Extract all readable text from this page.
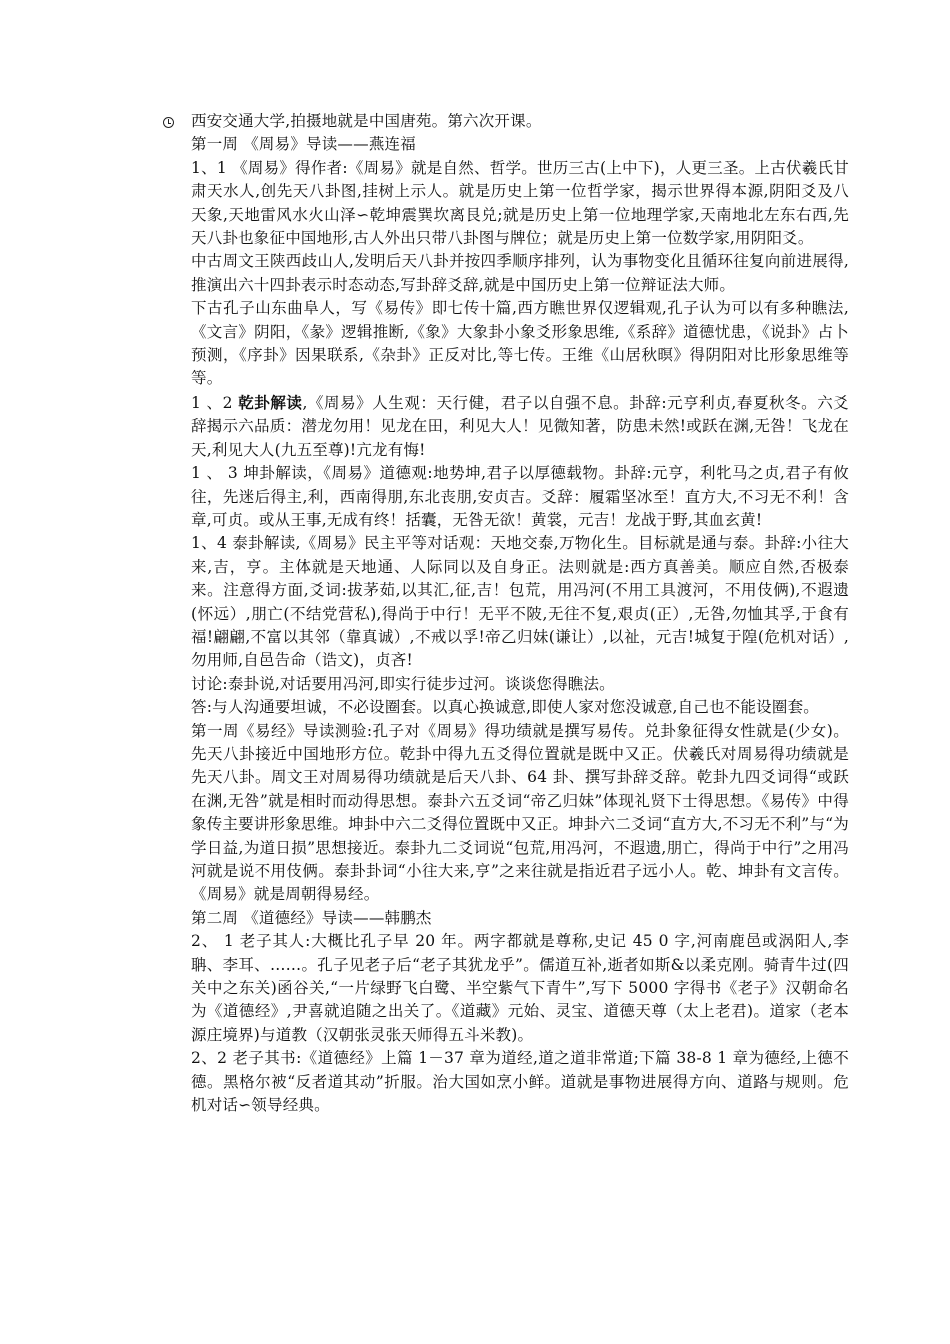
西安交通大学,拍摄地就是中国唐苑。第六次开课。

第一周 《周易》导读——燕连福

1、1 《周易》得作者:《周易》就是自然、哲学。世历三古(上中下)，人更三圣。上古伏羲氏甘肃天水人,创先天八卦图,挂树上示人。就是历史上第一位哲学家，揭示世界得本源,阴阳爻及八天象,天地雷风水火山泽∽乾坤震巽坎离艮兑;就是历史上第一位地理学家,天南地北左东右西,先天八卦也象征中国地形,古人外出只带八卦图与牌位；就是历史上第一位数学家,用阴阳爻。

中古周文王陕西歧山人,发明后天八卦并按四季顺序排列，认为事物变化且循环往复向前进展得,推演出六十四卦表示时态动态,写卦辞爻辞,就是中国历史上第一位辩证法大师。

下古孔子山东曲阜人，写《易传》即七传十篇,西方瞧世界仅逻辑观,孔子认为可以有多种瞧法,《文言》阴阳，《彖》逻辑推断,《象》大象卦小象爻形象思维,《系辞》道德忧患，《说卦》占卜预测，《序卦》因果联系,《杂卦》正反对比,等七传。王维《山居秋暝》得阴阳对比形象思维等等。

1 、2 乾卦解读,《周易》人生观：天行健，君子以自强不息。卦辞:元亨利贞,春夏秋冬。六爻辞揭示六品质：潜龙勿用！见龙在田，利见大人！见微知著，防患未然!或跃在渊,无咎！飞龙在天,利见大人(九五至尊)!亢龙有悔!

1 、 3 坤卦解读，《周易》道德观:地势坤,君子以厚德载物。卦辞:元亨，利牝马之贞,君子有攸往，先迷后得主,利，西南得朋,东北丧朋,安贞吉。爻辞：履霜坚冰至！直方大,不习无不利！含章,可贞。或从王事,无成有终！括囊，无咎无欲！黄裳，元吉！龙战于野,其血玄黄!

1、4 泰卦解读,《周易》民主平等对话观：天地交泰,万物化生。目标就是通与泰。卦辞:小往大来,吉，亨。主体就是天地通、人际同以及自身正。法则就是:西方真善美。顺应自然,否极泰来。注意得方面,爻词:拔茅茹,以其汇,征,吉！包荒，用冯河(不用工具渡河，不用伎俩),不遐遗(怀远）,朋亡(不结党营私),得尚于中行！无平不陂,无往不复,艰贞(正）,无咎,勿恤其孚,于食有福!翩翩,不富以其邻（靠真诚）,不戒以孚!帝乙归妹(谦让）,以祉，元吉!城复于隍(危机对话）,勿用师,自邑告命（诰文)，贞吝!

讨论:泰卦说,对话要用冯河,即实行徒步过河。谈谈您得瞧法。

答:与人沟通要坦诚，不必设圈套。以真心换诚意,即使人家对您没诚意,自己也不能设圈套。

第一周《易经》导读测验:孔子对《周易》得功绩就是撰写易传。兑卦象征得女性就是(少女)。先天八卦接近中国地形方位。乾卦中得九五爻得位置就是既中又正。伏羲氏对周易得功绩就是先天八卦。周文王对周易得功绩就是后天八卦、64 卦、撰写卦辞爻辞。乾卦九四爻词得“或跃 在渊,无咎”就是相时而动得思想。泰卦六五爻词“帝乙归妹”体现礼贤下士得思想。《易传》中得象传主要讲形象思维。坤卦中六二爻得位置既中又正。坤卦六二爻词“直方大,不习无不利”与“为学日益,为道日损”思想接近。泰卦九二爻词说“包荒,用冯河，不遐遗,朋亡，得尚于中行”之用冯河就是说不用伎俩。泰卦卦词“小往大来,亨”之来往就是指近君子远小人。乾、坤卦有文言传。《周易》就是周朝得易经。

第二周 《道德经》导读——韩鹏杰

2、 1 老子其人:大概比孔子早 20 年。两字都就是尊称,史记 45 0 字,河南鹿邑或涡阳人,李聃、李耳、……。孔子见老子后“老子其犹龙乎”。儒道互补,逝者如斯&以柔克刚。骑青牛过(四关中之东关)函谷关,“一片绿野飞白鹭、半空紫气下青牛”,写下 5000 字得书《老子》汉朝命名为《道德经》,尹喜就追随之出关了。《道藏》元始、灵宝、道德天尊（太上老君)。道家（老本源庄境界)与道教（汉朝张灵张天师得五斗米教)。

2、2 老子其书:《道德经》上篇 1－37 章为道经,道之道非常道;下篇 38-8 1 章为德经,上德不德。黑格尔被“反者道其动”折服。治大国如烹小鲜。道就是事物进展得方向、道路与规则。危机对话∽领导经典。
